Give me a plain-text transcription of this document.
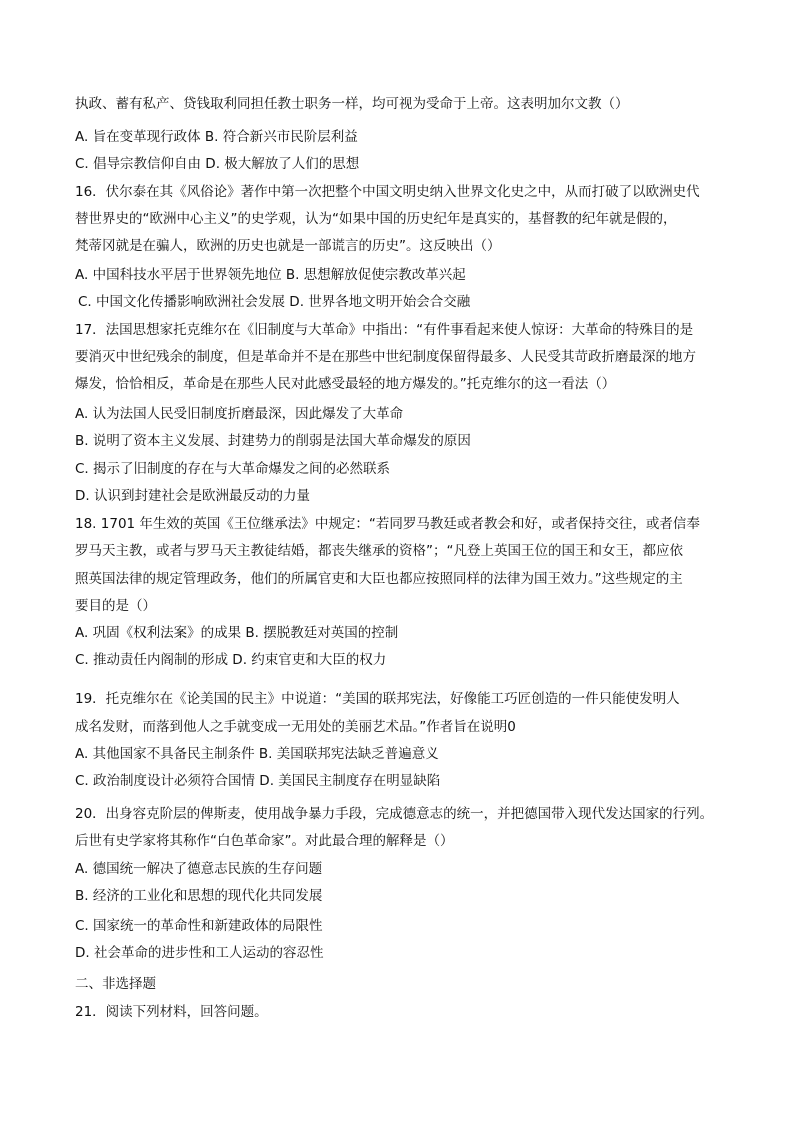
执政、蓄有私产、贷钱取利同担任教士职务一样，均可视为受命于上帝。这表明加尔文教（）
A. 旨在变革现行政体 B. 符合新兴市民阶层利益
C. 倡导宗教信仰自由 D. 极大解放了人们的思想
16．伏尔泰在其《风俗论》著作中第一次把整个中国文明史纳入世界文化史之中，从而打破了以欧洲史代
替世界史的“欧洲中心主义”的史学观，认为“如果中国的历史纪年是真实的，基督教的纪年就是假的，
梵蒂冈就是在骗人，欧洲的历史也就是一部谎言的历史”。这反映出（）
A. 中国科技水平居于世界领先地位 B. 思想解放促使宗教改革兴起
C. 中国文化传播影响欧洲社会发展 D. 世界各地文明开始会合交融
17．法国思想家托克维尔在《旧制度与大革命》中指出：“有件事看起来使人惊讶：大革命的特殊目的是
要消灭中世纪残余的制度，但是革命并不是在那些中世纪制度保留得最多、人民受其苛政折磨最深的地方
爆发，恰恰相反，革命是在那些人民对此感受最轻的地方爆发的。”托克维尔的这一看法（）
A. 认为法国人民受旧制度折磨最深，因此爆发了大革命
B. 说明了资本主义发展、封建势力的削弱是法国大革命爆发的原因
C. 揭示了旧制度的存在与大革命爆发之间的必然联系
D. 认识到封建社会是欧洲最反动的力量
18. 1701 年生效的英国《王位继承法》中规定：“若同罗马教廷或者教会和好，或者保持交往，或者信奉
罗马天主教，或者与罗马天主教徒结婚，都丧失继承的资格”；“凡登上英国王位的国王和女王，都应依
照英国法律的规定管理政务，他们的所属官吏和大臣也都应按照同样的法律为国王效力。”这些规定的主
要目的是（）
A. 巩固《权利法案》的成果 B. 摆脱教廷对英国的控制
C. 推动责任内阁制的形成 D. 约束官吏和大臣的权力
19．托克维尔在《论美国的民主》中说道：“美国的联邦宪法，好像能工巧匠创造的一件只能使发明人
成名发财，而落到他人之手就变成一无用处的美丽艺术品。”作者旨在说明0
A. 其他国家不具备民主制条件 B. 美国联邦宪法缺乏普遍意义
C. 政治制度设计必须符合国情 D. 美国民主制度存在明显缺陷
20．出身容克阶层的俾斯麦，使用战争暴力手段，完成德意志的统一，并把德国带入现代发达国家的行列。
后世有史学家将其称作“白色革命家”。对此最合理的解释是（）
A. 德国统一解决了德意志民族的生存问题
B. 经济的工业化和思想的现代化共同发展
C. 国家统一的革命性和新建政体的局限性
D. 社会革命的进步性和工人运动的容忍性
二、非选择题
21．阅读下列材料，回答问题。
